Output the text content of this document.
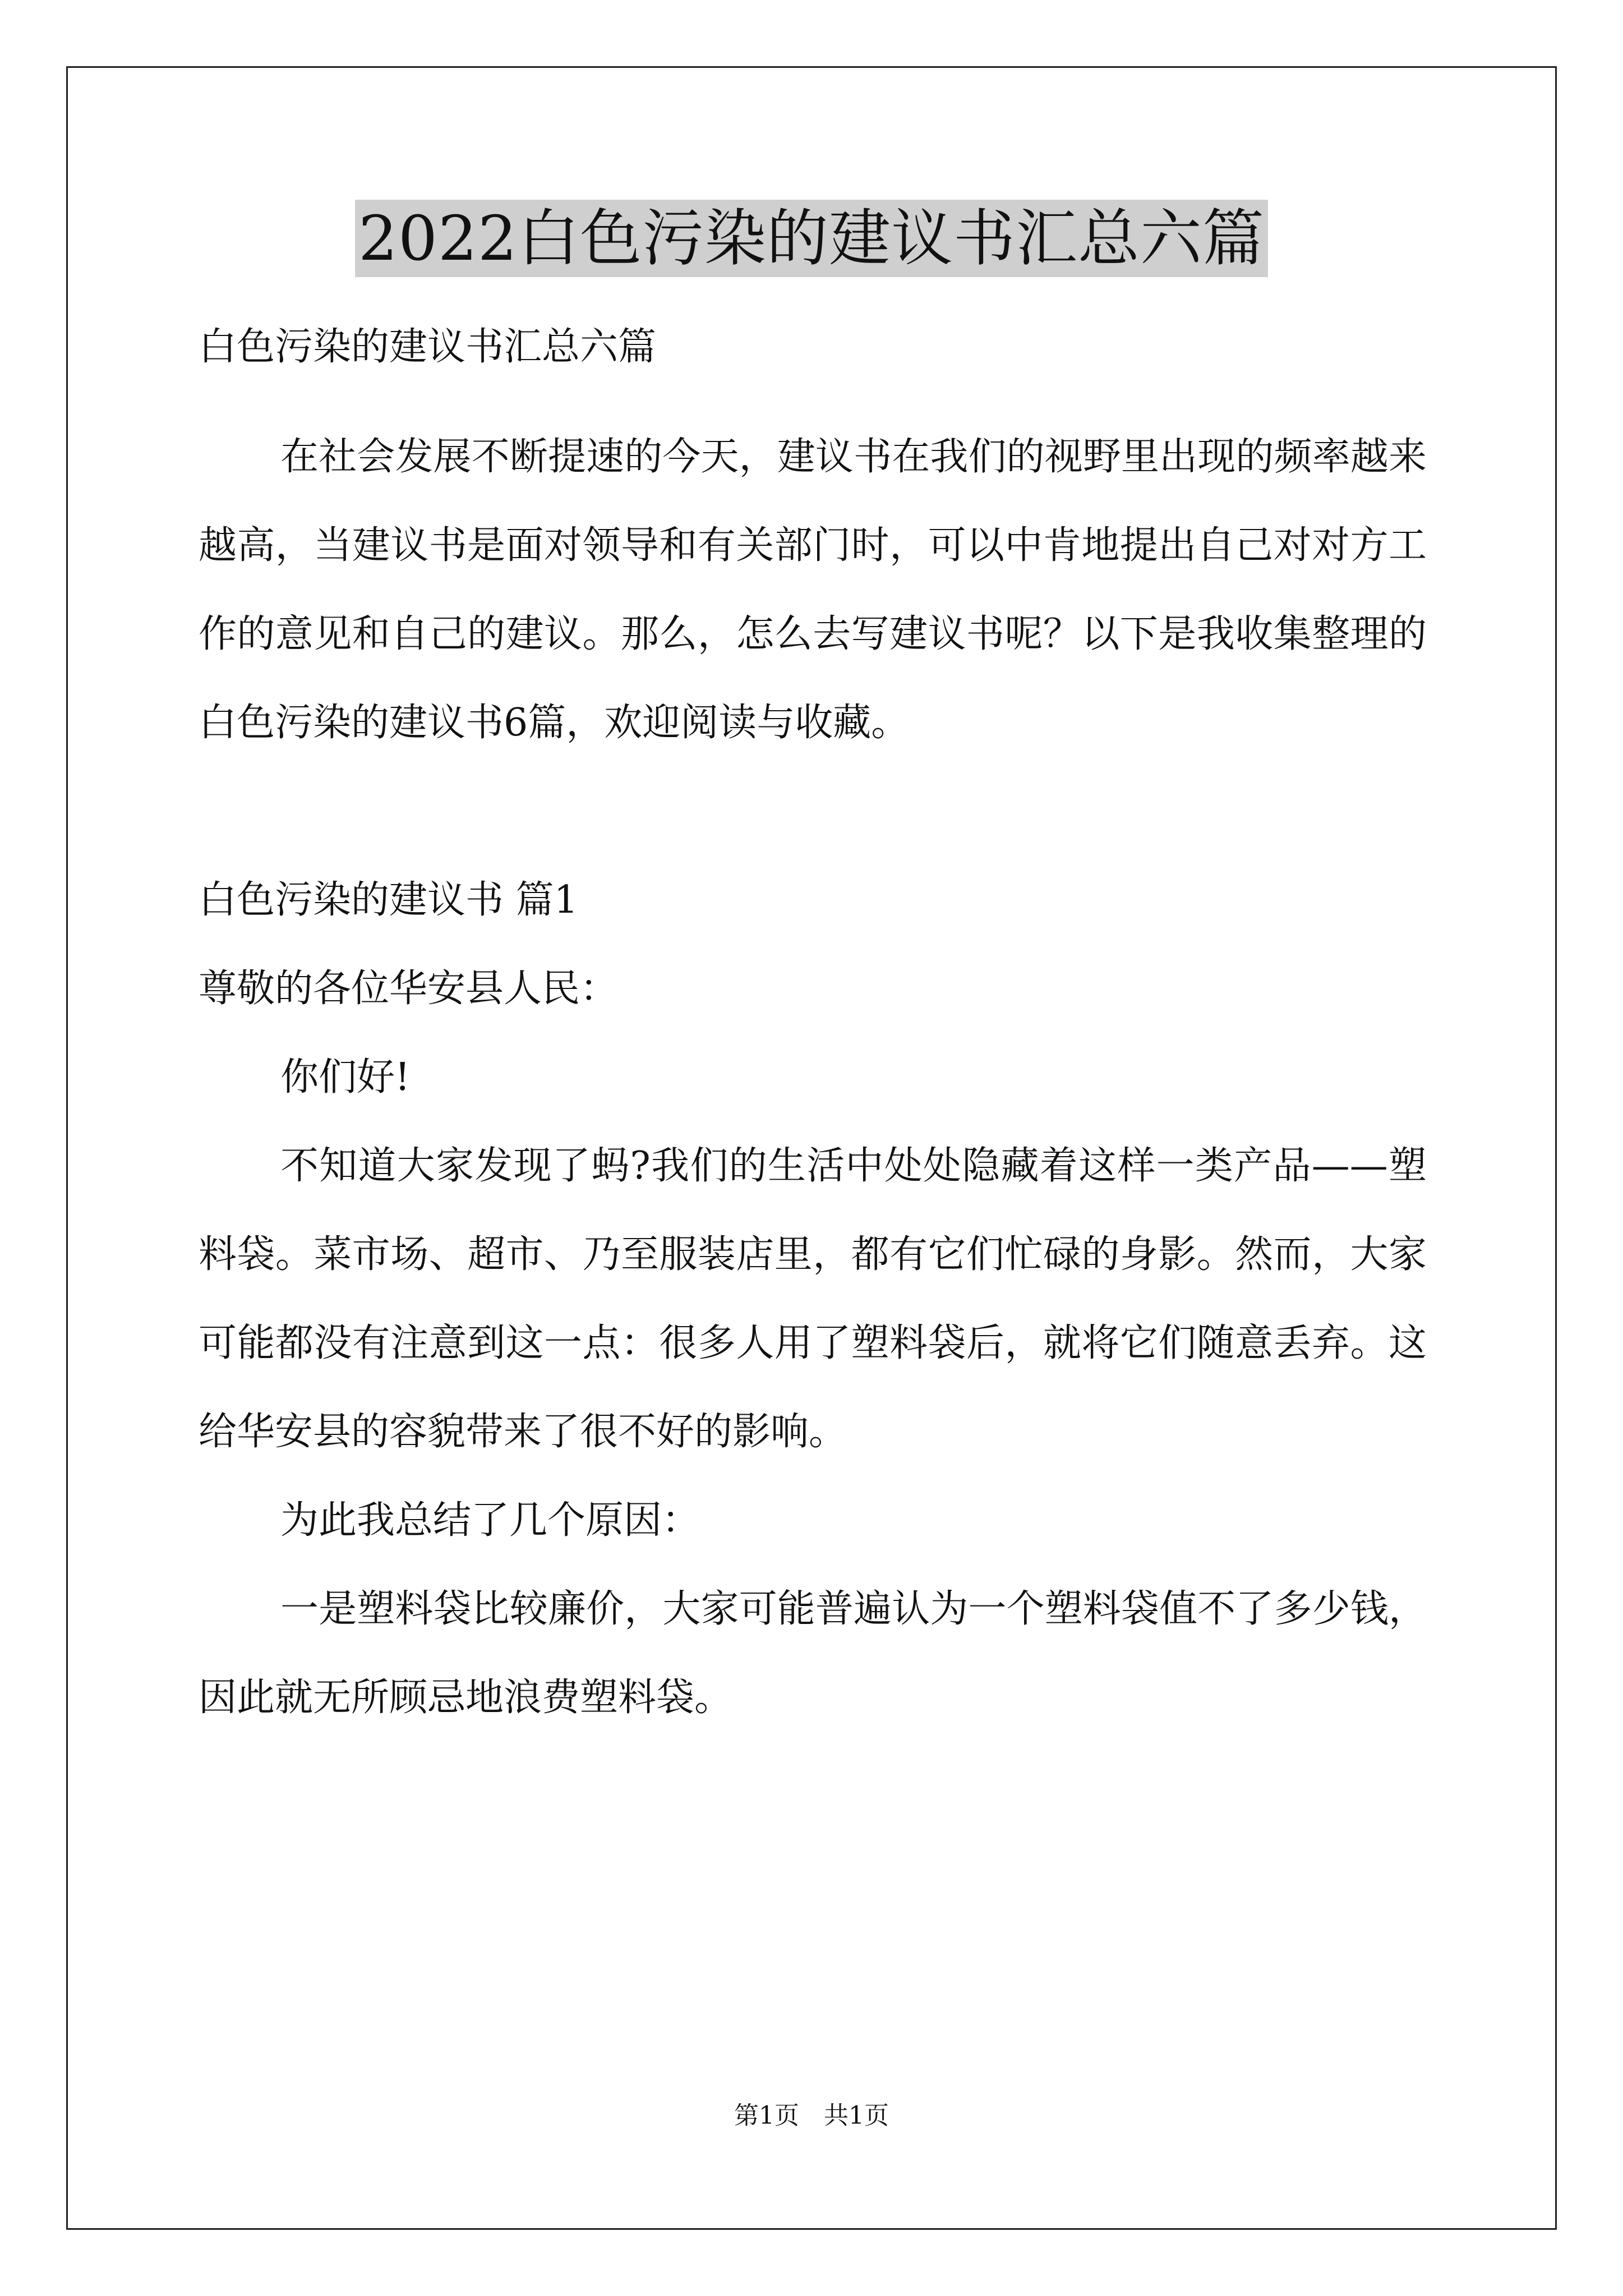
2022白色污染的建议书汇总六篇

白色污染的建议书汇总六篇

在社会发展不断提速的今天，建议书在我们的视野里出现的频率越来越高，当建议书是面对领导和有关部门时，可以中肯地提出自己对对方工作的意见和自己的建议。那么，怎么去写建议书呢？以下是我收集整理的白色污染的建议书6篇，欢迎阅读与收藏。

白色污染的建议书 篇1

尊敬的各位华安县人民：

你们好!

不知道大家发现了蚂?我们的生活中处处隐藏着这样一类产品——塑料袋。菜市场、超市、乃至服装店里，都有它们忙碌的身影。然而，大家可能都没有注意到这一点：很多人用了塑料袋后，就将它们随意丢弃。这给华安县的容貌带来了很不好的影响。

为此我总结了几个原因：

一是塑料袋比较廉价，大家可能普遍认为一个塑料袋值不了多少钱，因此就无所顾忌地浪费塑料袋。

第1页 共1页
